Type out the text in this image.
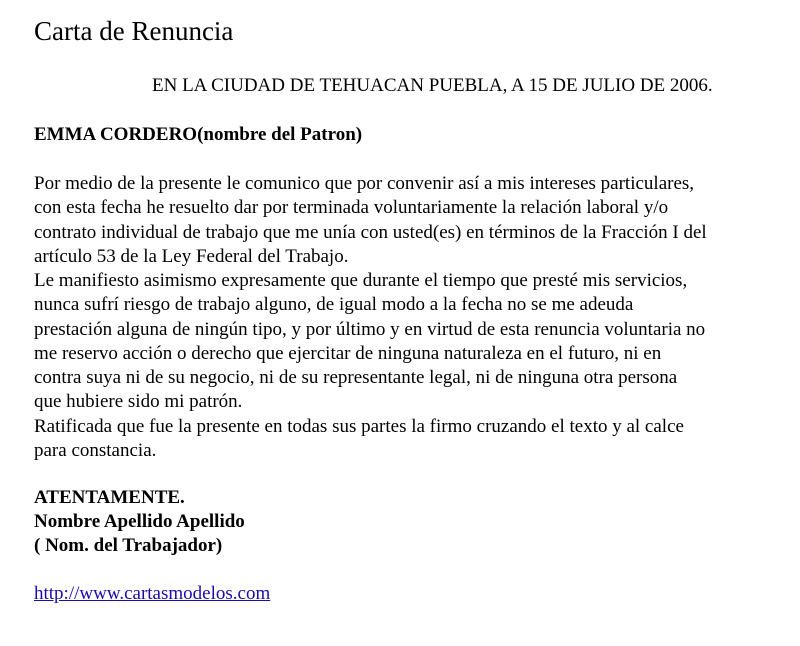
Carta de Renuncia
EN LA CIUDAD DE TEHUACAN PUEBLA, A 15 DE JULIO DE 2006.
EMMA CORDERO(nombre del Patron)
Por medio de la presente le comunico que por convenir así a mis intereses particulares,
con esta fecha he resuelto dar por terminada voluntariamente la relación laboral y/o
contrato individual de trabajo que me unía con usted(es) en términos de la Fracción I del
artículo 53 de la Ley Federal del Trabajo.
Le manifiesto asimismo expresamente que durante el tiempo que presté mis servicios,
nunca sufrí riesgo de trabajo alguno, de igual modo a la fecha no se me adeuda
prestación alguna de ningún tipo, y por último y en virtud de esta renuncia voluntaria no
me reservo acción o derecho que ejercitar de ninguna naturaleza en el futuro, ni en
contra suya ni de su negocio, ni de su representante legal, ni de ninguna otra persona
que hubiere sido mi patrón.
Ratificada que fue la presente en todas sus partes la firmo cruzando el texto y al calce
para constancia.
ATENTAMENTE.
Nombre Apellido Apellido
( Nom. del Trabajador)
http://www.cartasmodelos.com
